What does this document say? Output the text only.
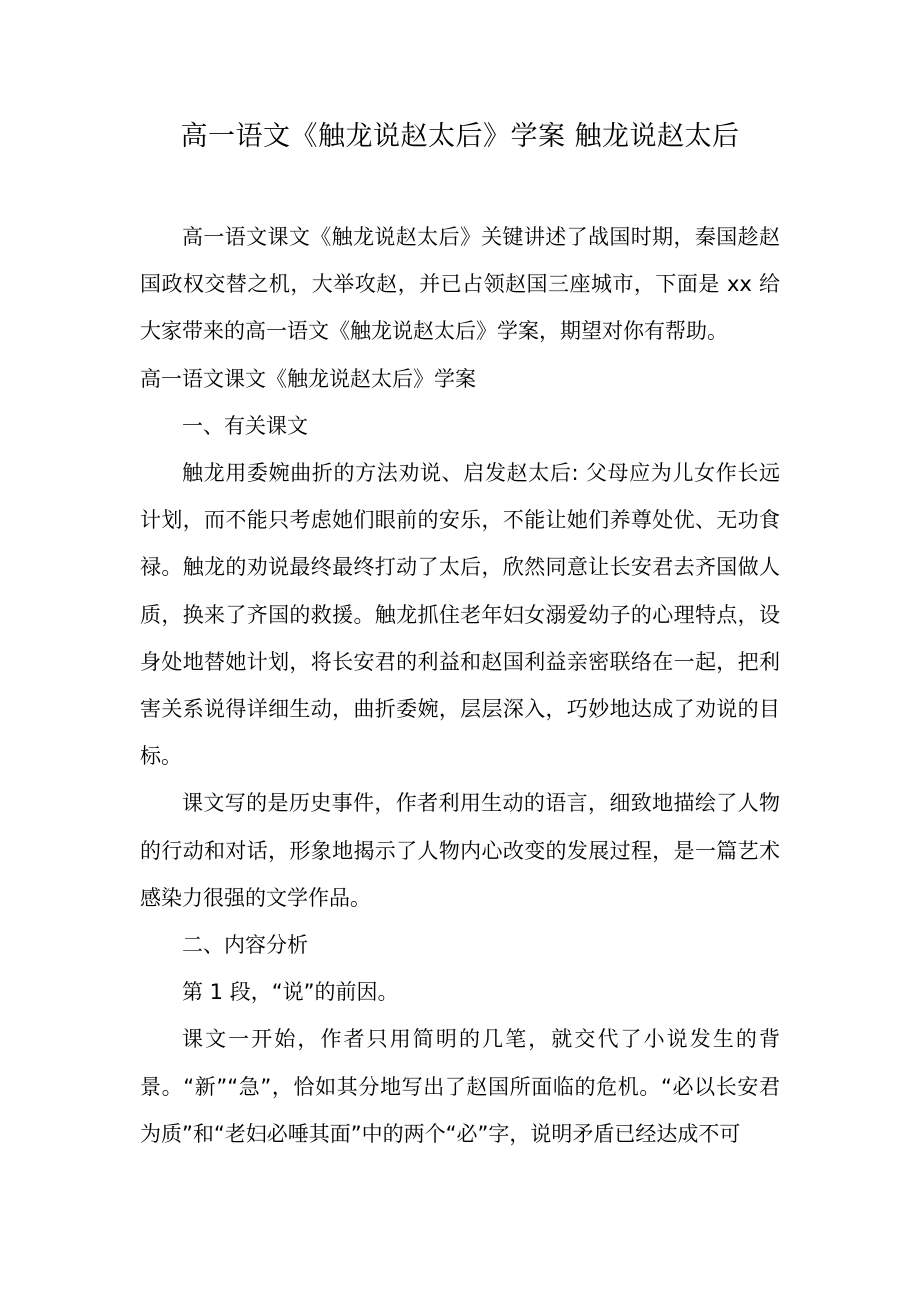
高一语文《触龙说赵太后》学案 触龙说赵太后

高一语文课文《触龙说赵太后》关键讲述了战国时期，秦国趁赵国政权交替之机，大举攻赵，并已占领赵国三座城市，下面是 xx 给大家带来的高一语文《触龙说赵太后》学案，期望对你有帮助。

高一语文课文《触龙说赵太后》学案

一、有关课文

触龙用委婉曲折的方法劝说、启发赵太后: 父母应为儿女作长远计划，而不能只考虑她们眼前的安乐，不能让她们养尊处优、无功食禄。触龙的劝说最终最终打动了太后，欣然同意让长安君去齐国做人质，换来了齐国的救援。触龙抓住老年妇女溺爱幼子的心理特点，设身处地替她计划，将长安君的利益和赵国利益亲密联络在一起，把利害关系说得详细生动，曲折委婉，层层深入，巧妙地达成了劝说的目标。

课文写的是历史事件，作者利用生动的语言，细致地描绘了人物的行动和对话，形象地揭示了人物内心改变的发展过程，是一篇艺术感染力很强的文学作品。

二、内容分析

第 1 段，“说”的前因。

课文一开始，作者只用简明的几笔，就交代了小说发生的背景。“新”“急”，恰如其分地写出了赵国所面临的危机。“必以长安君为质”和“老妇必唾其面”中的两个“必”字，说明矛盾已经达成不可
